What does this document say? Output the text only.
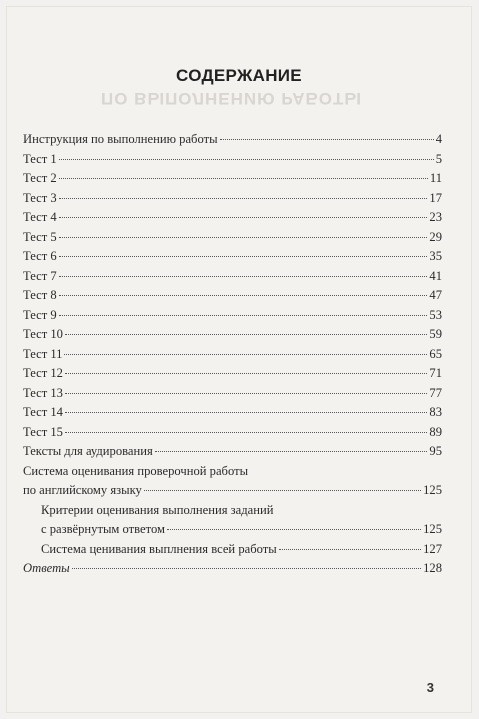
ПО ВЫПОЛНЕНИЮ РАБОТЫ
СОДЕРЖАНИЕ
Инструкция по выполнению работы	4
Тест 1	5
Тест 2	11
Тест 3	17
Тест 4	23
Тест 5	29
Тест 6	35
Тест 7	41
Тест 8	47
Тест 9	53
Тест 10	59
Тест 11	65
Тест 12	71
Тест 13	77
Тест 14	83
Тест 15	89
Тексты для аудирования	95
Система оценивания проверочной работы
по английскому языку	125
Критерии оценивания выполнения заданий
с развёрнутым ответом	125
Система ценивания выплнения всей работы	127
Ответы	128
3
